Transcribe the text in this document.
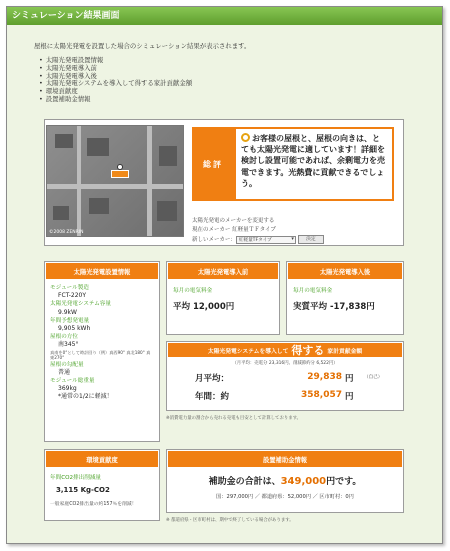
シミュレーション結果画面
屋根に太陽光発電を設置した場合のシミュレーション結果が表示されます。
• 太陽光発電設置情報
• 太陽光発電導入前
• 太陽光発電導入後
• 太陽光発電システムを導入して得する家計貢献金額
• 環境貢献度
• 設置補助金情報
©2008 ZENRIN
総評
お客様の屋根と、屋根の向きは、とても太陽光発電に適しています！詳細を検討し設置可能であれば、余剰電力を売電できます。光熱費に貢献できるでしょう。
太陽光発電のメーカーを変更する
現在のメーカー 紅軽量ＴＦタイプ
新しいメーカー： 紅軽量TFタイプ ▾	決定
太陽光発電設置情報
モジュール製造
FCT-220Y
太陽光発電システム容量
9.9kW
年間予想発電量
9,905 kWh
屋根の方位
南345°
真南を0°として時計回り（例）真西90° 真北180° 真東270°
屋根の勾配量
普通
モジュール総重量
369kg
*通常の1/2に軽減！
太陽光発電導入前
毎月の電気料金
平均 12,000円
太陽光発電導入後
毎月の電気料金
実質平均 -17,838円
太陽光発電システムを導入して 得する 家計貢献金額
（月平均：売電分 23,316円、削減節約分 6,522円）
月平均：	29,838 円 （自己）
年間：約	358,057 円
※消費電力量の割合から売れる売電も目安として計算しております。
環境貢献度
年間CO2排出削減量
3,115 Kg-CO2
一般家庭CO2排出量の約157％を削減！
設置補助金情報
補助金の合計は、349,000円です。
国：297,000円 ／ 都道府県：52,000円 ／ 区市町村：0円
※ 都道府県・区市町村は、期中で終了している場合があります。
